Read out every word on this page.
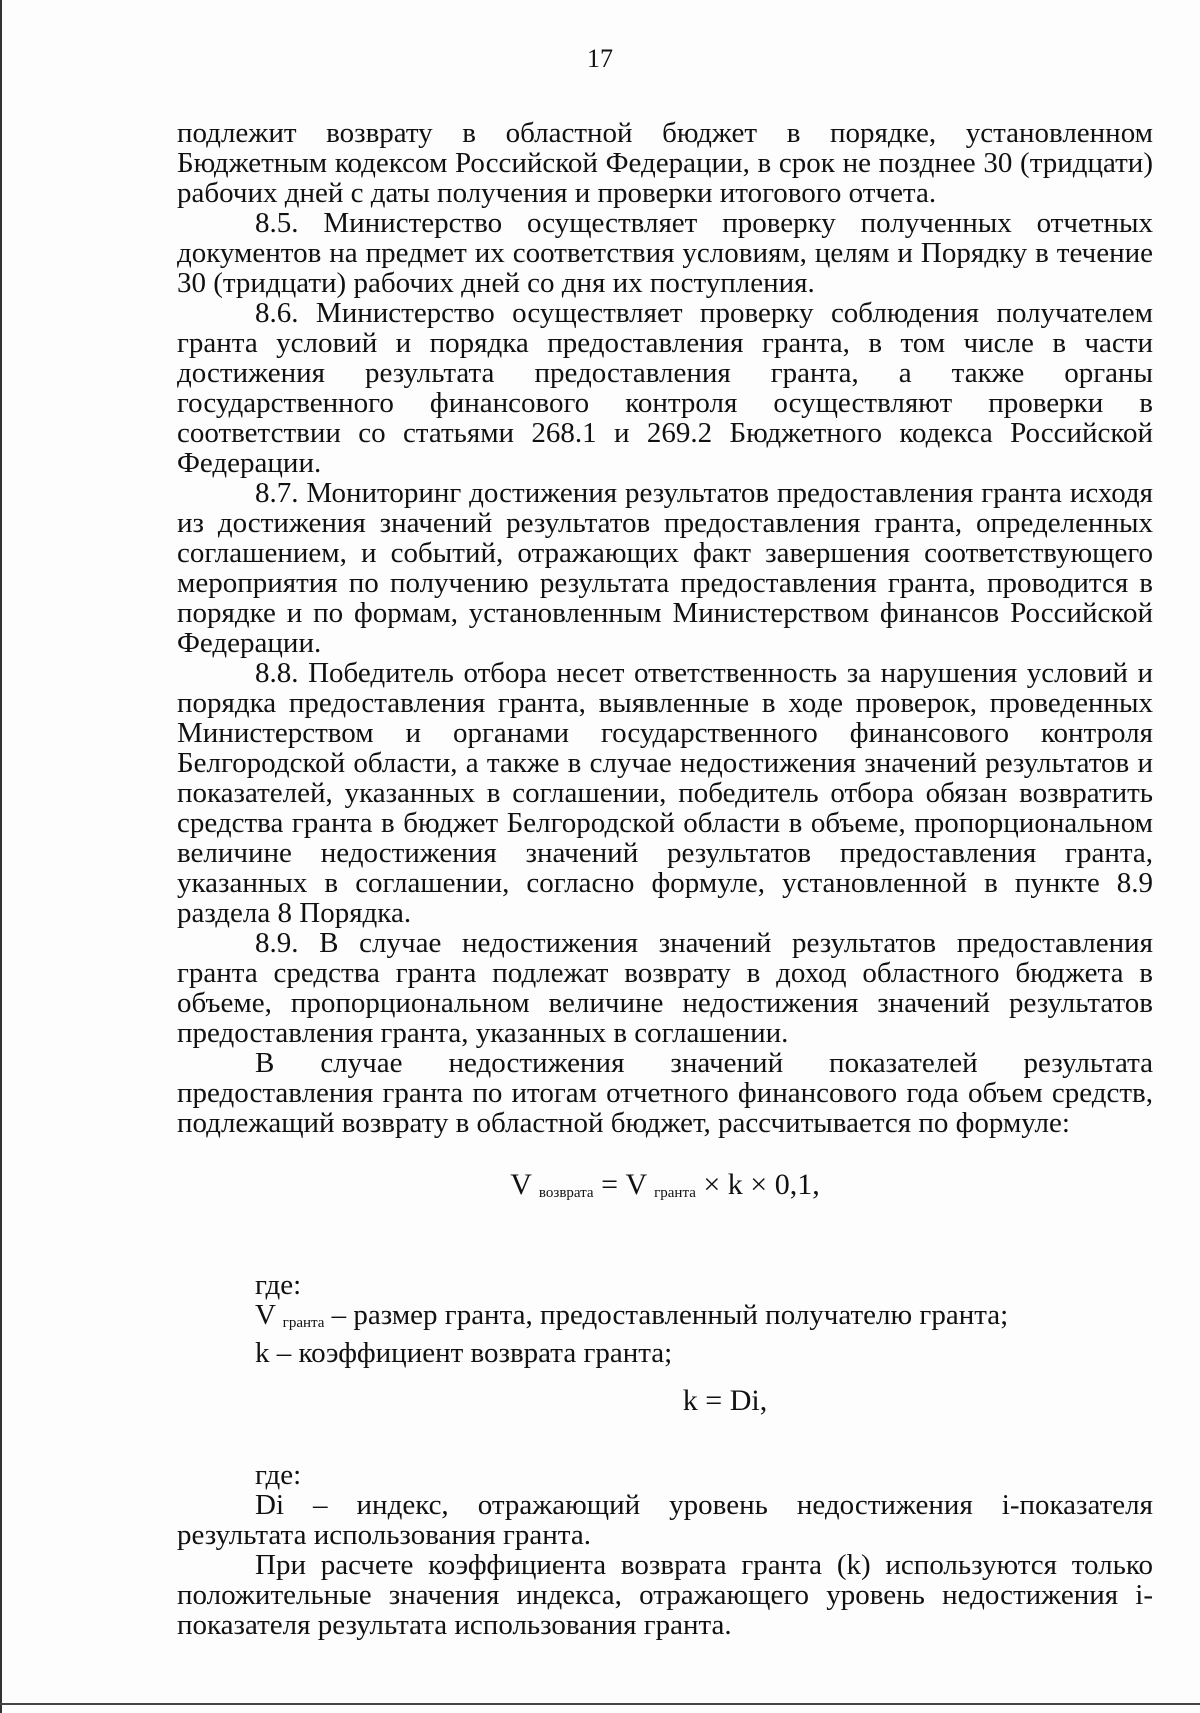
17

подлежит возврату в областной бюджет в порядке, установленном Бюджетным кодексом Российской Федерации, в срок не позднее 30 (тридцати) рабочих дней с даты получения и проверки итогового отчета.

8.5. Министерство осуществляет проверку полученных отчетных документов на предмет их соответствия условиям, целям и Порядку в течение 30 (тридцати) рабочих дней со дня их поступления.

8.6. Министерство осуществляет проверку соблюдения получателем гранта условий и порядка предоставления гранта, в том числе в части достижения результата предоставления гранта, а также органы государственного финансового контроля осуществляют проверки в соответствии со статьями 268.1 и 269.2 Бюджетного кодекса Российской Федерации.

8.7. Мониторинг достижения результатов предоставления гранта исходя из достижения значений результатов предоставления гранта, определенных соглашением, и событий, отражающих факт завершения соответствующего мероприятия по получению результата предоставления гранта, проводится в порядке и по формам, установленным Министерством финансов Российской Федерации.

8.8. Победитель отбора несет ответственность за нарушения условий и порядка предоставления гранта, выявленные в ходе проверок, проведенных Министерством и органами государственного финансового контроля Белгородской области, а также в случае недостижения значений результатов и показателей, указанных в соглашении, победитель отбора обязан возвратить средства гранта в бюджет Белгородской области в объеме, пропорциональном величине недостижения значений результатов предоставления гранта, указанных в соглашении, согласно формуле, установленной в пункте 8.9 раздела 8 Порядка.

8.9. В случае недостижения значений результатов предоставления гранта средства гранта подлежат возврату в доход областного бюджета в объеме, пропорциональном величине недостижения значений результатов предоставления гранта, указанных в соглашении.

В случае недостижения значений показателей результата предоставления гранта по итогам отчетного финансового года объем средств, подлежащий возврату в областной бюджет, рассчитывается по формуле:

V $_{возврата}$ = V $_{гранта}$ × k × 0,1,

где:

V $_{гранта}$ – размер гранта, предоставленный получателю гранта;

k – коэффициент возврата гранта;

k = Di,

где:

Di – индекс, отражающий уровень недостижения i-показателя результата использования гранта.

При расчете коэффициента возврата гранта (k) используются только положительные значения индекса, отражающего уровень недостижения i-показателя результата использования гранта.
